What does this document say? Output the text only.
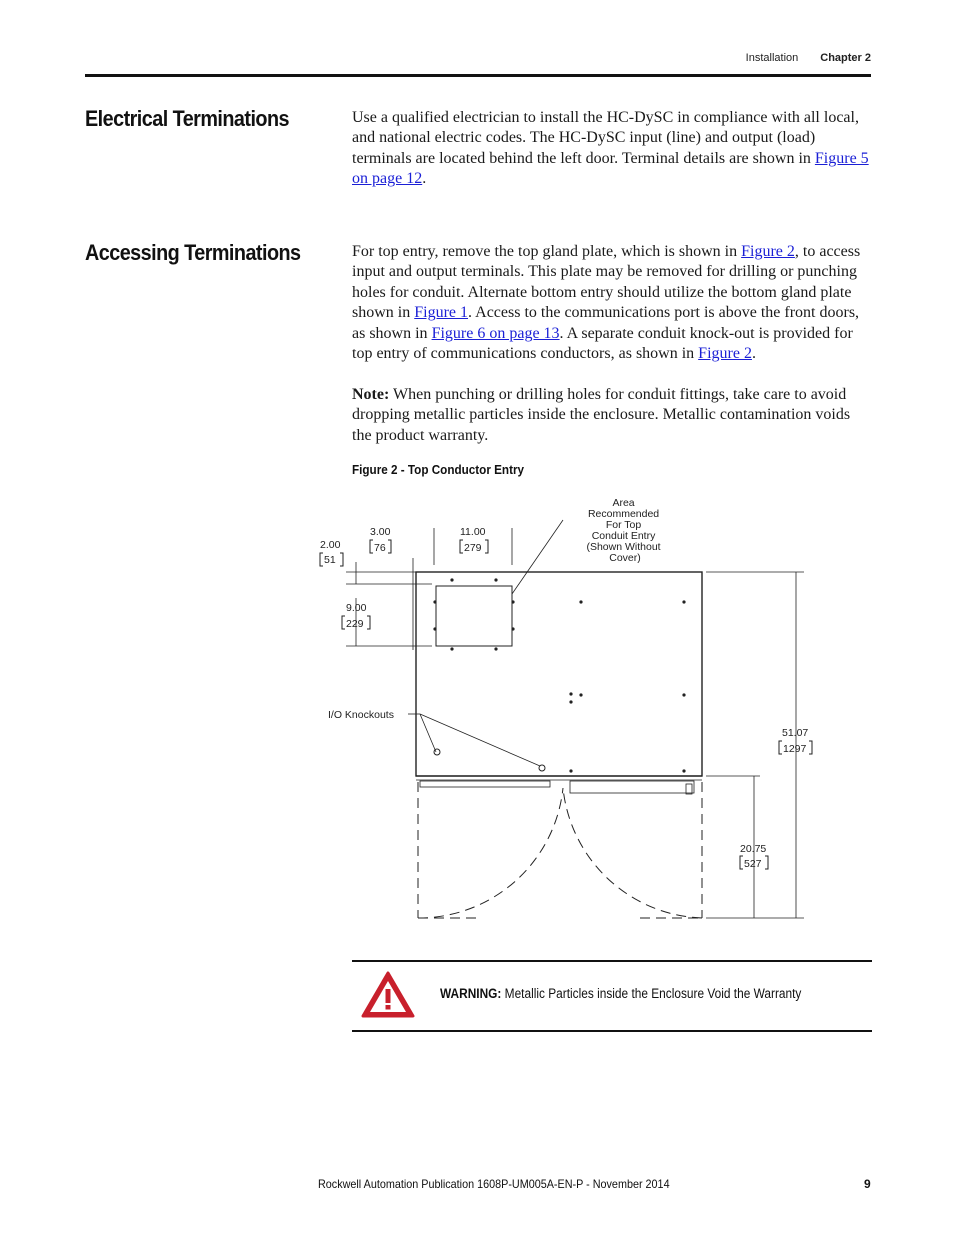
Installation Chapter 2
Electrical Terminations	Use a qualified electrician to install the HC-DySC in compliance with all local, and national electric codes. The HC-DySC input (line) and output (load) terminals are located behind the left door. Terminal details are shown in Figure 5 on page 12.
Accessing Terminations	For top entry, remove the top gland plate, which is shown in Figure 2, to access input and output terminals. This plate may be removed for drilling or punching holes for conduit. Alternate bottom entry should utilize the bottom gland plate shown in Figure 1. Access to the communications port is above the front doors, as shown in Figure 6 on page 13. A separate conduit knock-out is provided for top entry of communications conductors, as shown in Figure 2.
Note: When punching or drilling holes for conduit fittings, take care to avoid dropping metallic particles inside the enclosure. Metallic contamination voids the product warranty.
Figure 2 - Top Conductor Entry
Area Recommended For Top Conduit Entry (Shown Without Cover)
2.00
51
3.00
76
11.00
279
9.00
229
I/O Knockouts
51.07
1297
20.75
527
WARNING: Metallic Particles inside the Enclosure Void the Warranty
Rockwell Automation Publication 1608P-UM005A-EN-P - November 2014	9
